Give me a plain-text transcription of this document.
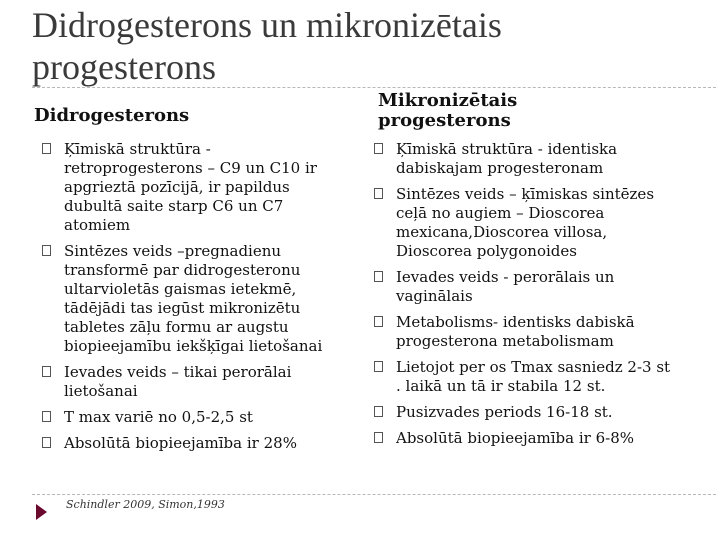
Didrogesterons un mikronizētais progesterons
Didrogesterons
Mikronizētais
progesterons
Ķīmiskā struktūra - retroprogesterons – C9 un C10 ir apgrieztā pozīcijā, ir papildus dubultā saite starp C6 un C7 atomiem
Sintēzes veids –pregnadienu transformē par didrogesteronu ultarvioletās gaismas ietekmē, tādējādi tas iegūst mikronizētu tabletes zāļu formu ar augstu biopieejamību iekšķīgai lietošanai
Ievades veids – tikai perorālai lietošanai
T max variē no 0,5-2,5 st
Absolūtā biopieejamība ir 28%
Ķīmiskā struktūra - identiska dabiskajam progesteronam
Sintēzes veids – ķīmiskas sintēzes ceļā no augiem – Dioscorea mexicana,Dioscorea villosa, Dioscorea polygonoides
Ievades veids - perorālais un vaginālais
Metabolisms- identisks dabiskā progesterona metabolismam
Lietojot per os Tmax sasniedz 2-3 st . laikā un tā ir stabila 12 st.
Pusizvades periods 16-18 st.
Absolūtā biopieejamība ir 6-8%
Schindler 2009, Simon,1993
